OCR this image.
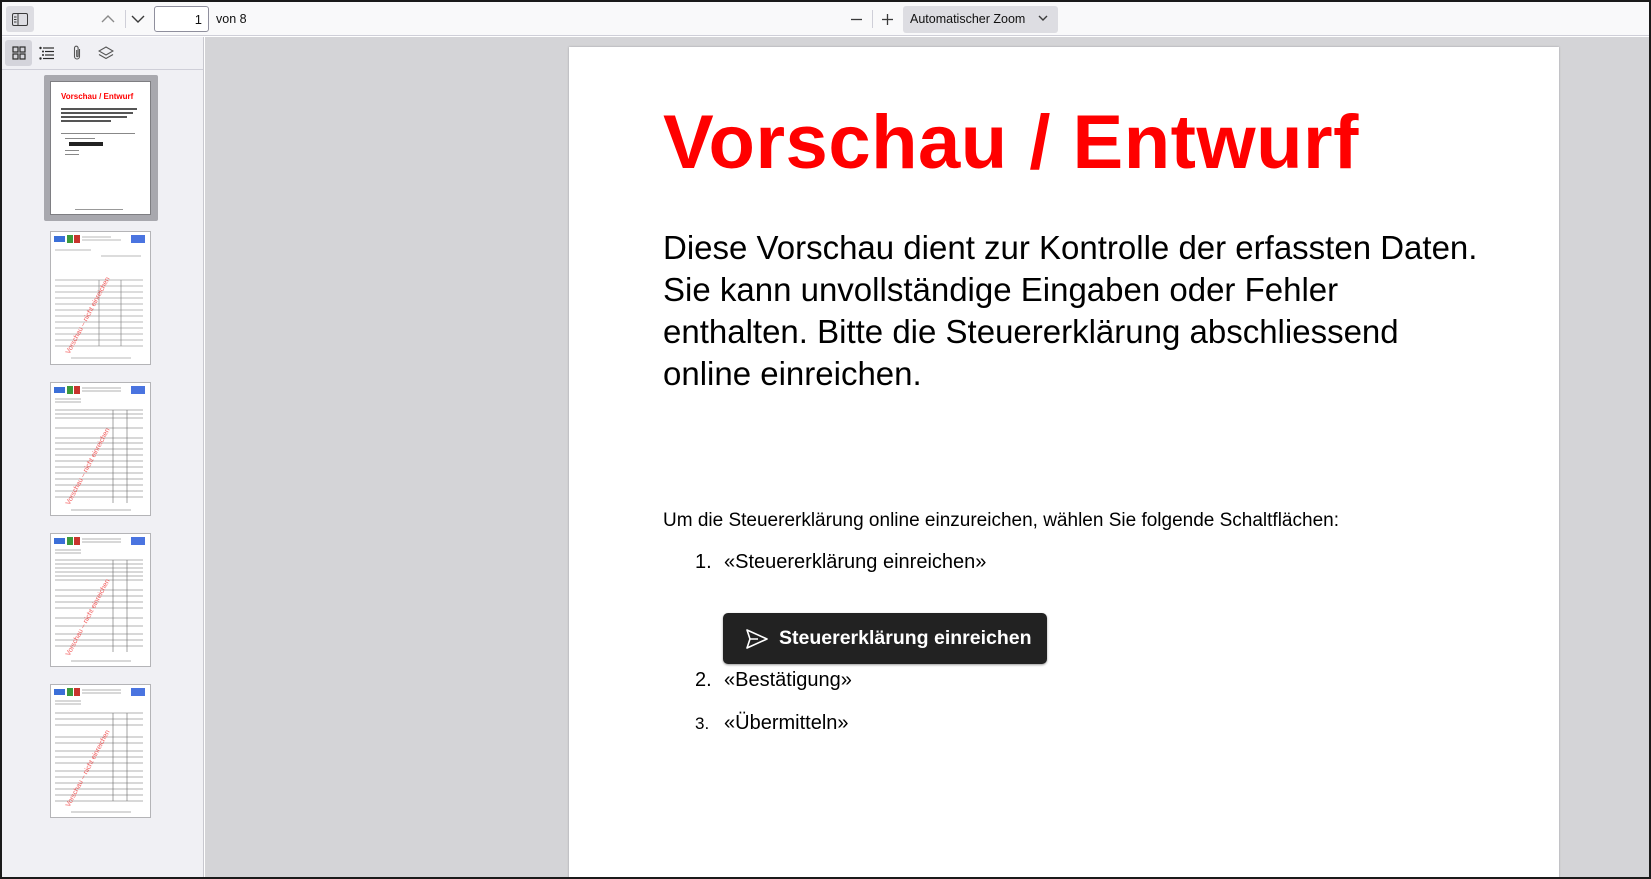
1
von 8	Automatischer Zoom
Vorschau / Entwurf
Vorschau – nicht einreichen
Vorschau – nicht einreichen
Vorschau – nicht einreichen
Vorschau – nicht einreichen
Vorschau / Entwurf

Diese Vorschau dient zur Kontrolle der erfassten Daten. Sie kann unvollständige Eingaben oder Fehler enthalten. Bitte die Steuererklärung abschliessend online einreichen.

Um die Steuererklärung online einzureichen, wählen Sie folgende Schaltflächen:

1. «Steuererklärung einreichen»
Steuererklärung einreichen
2. «Bestätigung»
3. «Übermitteln»
